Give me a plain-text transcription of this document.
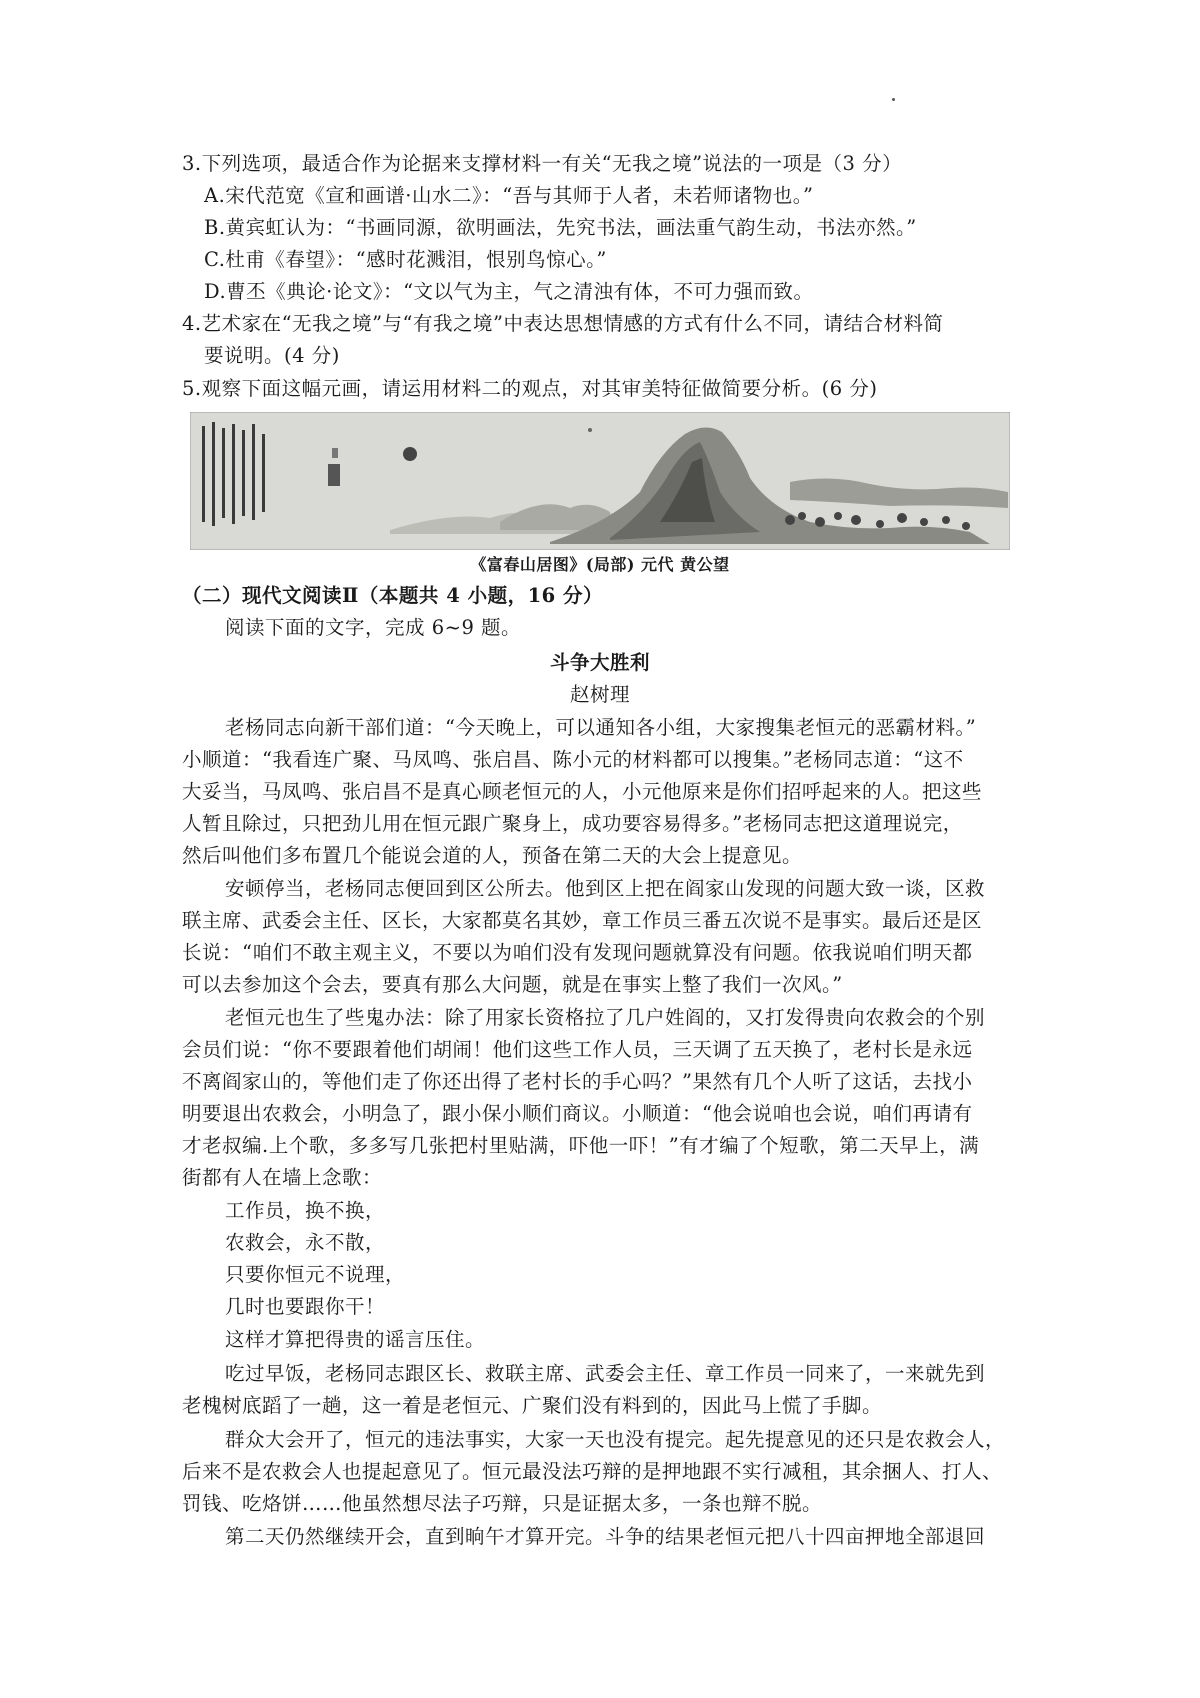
3.下列选项，最适合作为论据来支撑材料一有关“无我之境”说法的一项是（3 分）
A.宋代范宽《宣和画谱·山水二》：“吾与其师于人者，未若师诸物也。”
B.黄宾虹认为：“书画同源，欲明画法，先究书法，画法重气韵生动，书法亦然。”
C.杜甫《春望》：“感时花溅泪，恨别鸟惊心。”
D.曹丕《典论·论文》：“文以气为主，气之清浊有体，不可力强而致。
4.艺术家在“无我之境”与“有我之境”中表达思想情感的方式有什么不同，请结合材料简
要说明。(4 分)
5.观察下面这幅元画，请运用材料二的观点，对其审美特征做简要分析。(6 分)
《富春山居图》(局部) 元代 黄公望
（二）现代文阅读Ⅱ（本题共 4 小题，16 分）
阅读下面的文字，完成 6~9 题。
斗争大胜利
赵树理
老杨同志向新干部们道：“今天晚上，可以通知各小组，大家搜集老恒元的恶霸材料。”
小顺道：“我看连广聚、马凤鸣、张启昌、陈小元的材料都可以搜集。”老杨同志道：“这不
大妥当，马凤鸣、张启昌不是真心顾老恒元的人，小元他原来是你们招呼起来的人。把这些
人暂且除过，只把劲儿用在恒元跟广聚身上，成功要容易得多。”老杨同志把这道理说完，
然后叫他们多布置几个能说会道的人，预备在第二天的大会上提意见。
安顿停当，老杨同志便回到区公所去。他到区上把在阎家山发现的问题大致一谈，区救
联主席、武委会主任、区长，大家都莫名其妙，章工作员三番五次说不是事实。最后还是区
长说：“咱们不敢主观主义，不要以为咱们没有发现问题就算没有问题。依我说咱们明天都
可以去参加这个会去，要真有那么大问题，就是在事实上整了我们一次风。”
老恒元也生了些鬼办法：除了用家长资格拉了几户姓阎的，又打发得贵向农救会的个别
会员们说：“你不要跟着他们胡闹！他们这些工作人员，三天调了五天换了，老村长是永远
不离阎家山的，等他们走了你还出得了老村长的手心吗？”果然有几个人听了这话，去找小
明要退出农救会，小明急了，跟小保小顺们商议。小顺道：“他会说咱也会说，咱们再请有
才老叔编.上个歌，多多写几张把村里贴满，吓他一吓！”有才编了个短歌，第二天早上，满
街都有人在墙上念歌：
工作员，换不换，
农救会，永不散，
只要你恒元不说理，
几时也要跟你干！
这样才算把得贵的谣言压住。
吃过早饭，老杨同志跟区长、救联主席、武委会主任、章工作员一同来了，一来就先到
老槐树底蹈了一趟，这一着是老恒元、广聚们没有料到的，因此马上慌了手脚。
群众大会开了，恒元的违法事实，大家一天也没有提完。起先提意见的还只是农救会人，
后来不是农救会人也提起意见了。恒元最没法巧辩的是押地跟不实行减租，其余捆人、打人、
罚钱、吃烙饼……他虽然想尽法子巧辩，只是证据太多，一条也辩不脱。
第二天仍然继续开会，直到晌午才算开完。斗争的结果老恒元把八十四亩押地全部退回
